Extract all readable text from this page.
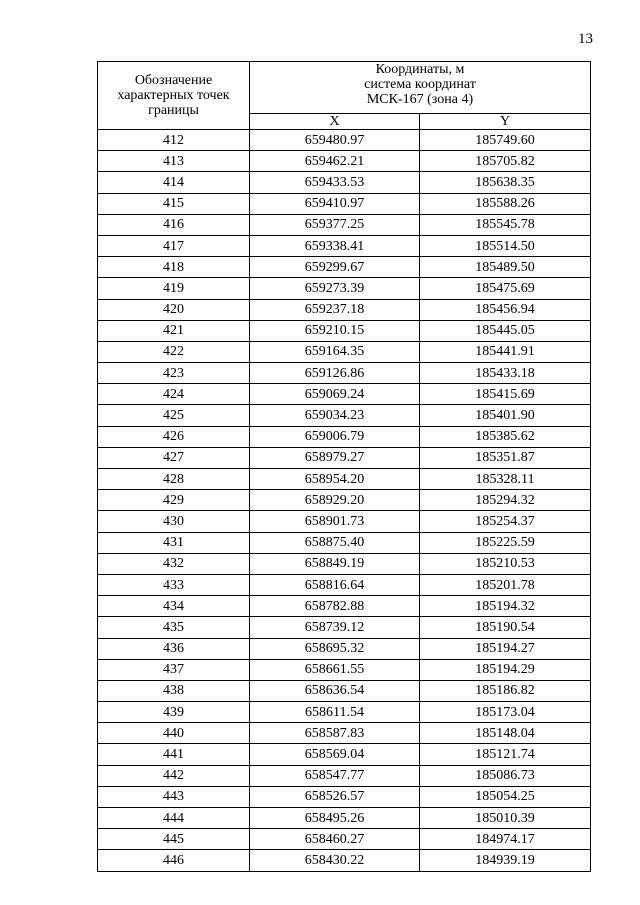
13
Обозначение
характерных точек
границы	Координаты, м
система координат
МСК-167 (зона 4)	

	X	Y
412	659480.97	185749.60
413	659462.21	185705.82
414	659433.53	185638.35
415	659410.97	185588.26
416	659377.25	185545.78
417	659338.41	185514.50
418	659299.67	185489.50
419	659273.39	185475.69
420	659237.18	185456.94
421	659210.15	185445.05
422	659164.35	185441.91
423	659126.86	185433.18
424	659069.24	185415.69
425	659034.23	185401.90
426	659006.79	185385.62
427	658979.27	185351.87
428	658954.20	185328.11
429	658929.20	185294.32
430	658901.73	185254.37
431	658875.40	185225.59
432	658849.19	185210.53
433	658816.64	185201.78
434	658782.88	185194.32
435	658739.12	185190.54
436	658695.32	185194.27
437	658661.55	185194.29
438	658636.54	185186.82
439	658611.54	185173.04
440	658587.83	185148.04
441	658569.04	185121.74
442	658547.77	185086.73
443	658526.57	185054.25
444	658495.26	185010.39
445	658460.27	184974.17
446	658430.22	184939.19
